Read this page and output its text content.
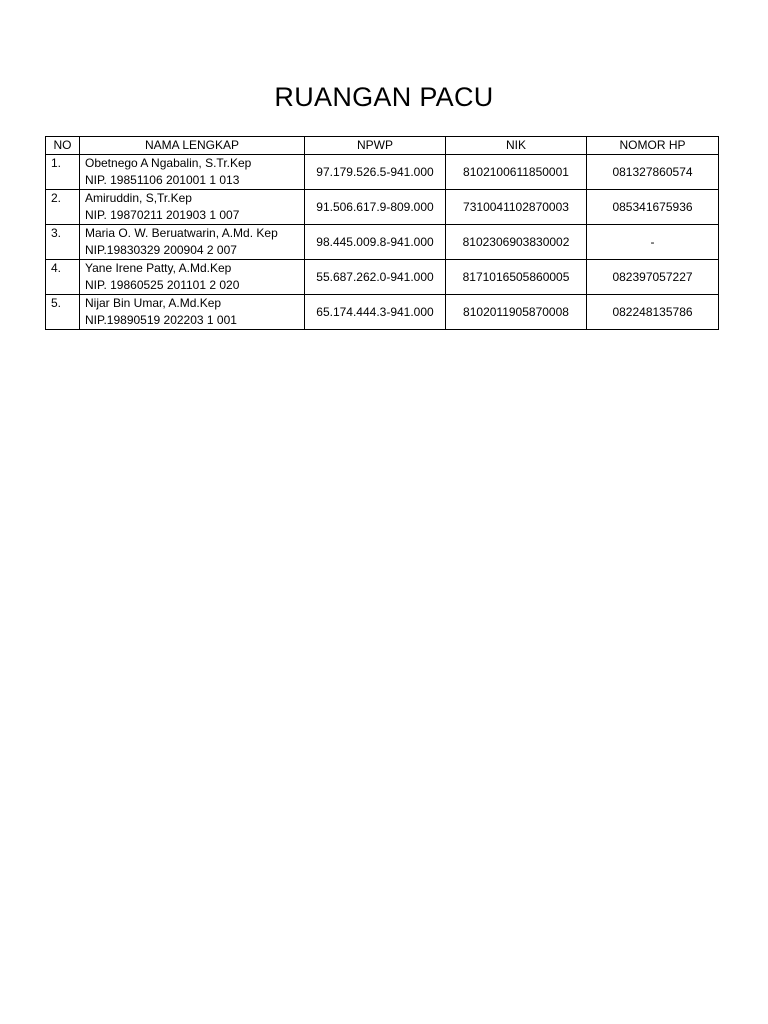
RUANGAN PACU
NO	NAMA LENGKAP	NPWP	NIK	NOMOR HP
1.	Obetnego A Ngabalin, S.Tr.Kep
NIP. 19851106 201001 1 013	97.179.526.5-941.000	8102100611850001	081327860574
2.	Amiruddin, S,Tr.Kep
NIP. 19870211 201903 1 007	91.506.617.9-809.000	7310041102870003	085341675936
3.	Maria O. W. Beruatwarin, A.Md. Kep
NIP.19830329 200904 2 007	98.445.009.8-941.000	8102306903830002	-
4.	Yane Irene Patty, A.Md.Kep
NIP. 19860525 201101 2 020	55.687.262.0-941.000	8171016505860005	082397057227
5.	Nijar Bin Umar, A.Md.Kep
NIP.19890519 202203 1 001	65.174.444.3-941.000	8102011905870008	082248135786
